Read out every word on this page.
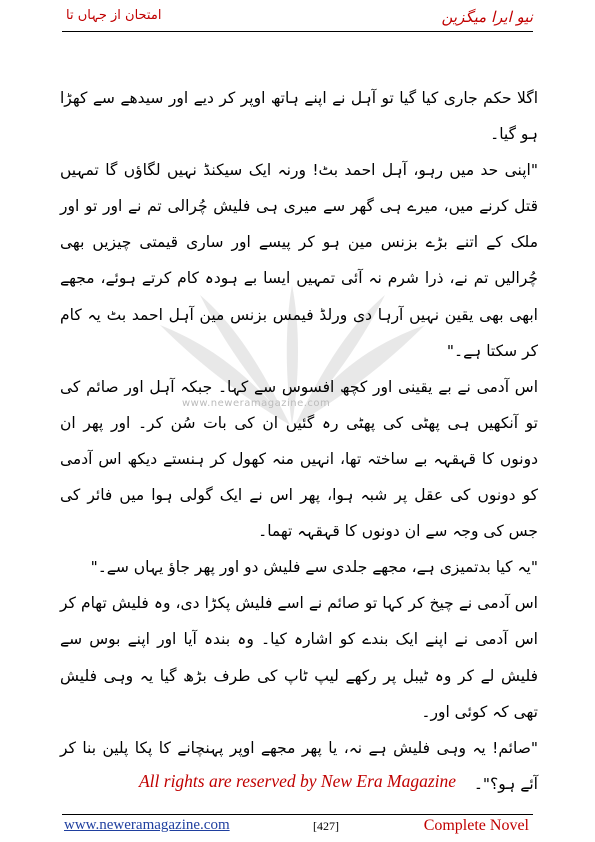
نیو ایرا میگزین
امتحان از جہاں تا
www.neweramagazine.com

اگلا حکم جاری کیا گیا تو آہل نے اپنے ہاتھ اوپر کر دیے اور سیدھے سے کھڑا ہو گیا۔

"اپنی حد میں رہو، آہل احمد بٹ! ورنہ ایک سیکنڈ نہیں لگاؤں گا تمہیں قتل کرنے میں، میرے ہی گھر سے میری ہی فلیش چُرالی تم نے اور تو اور ملک کے اتنے بڑے بزنس مین ہو کر پیسے اور ساری قیمتی چیزیں بھی چُرالیں تم نے، ذرا شرم نہ آئی تمہیں ایسا بے ہودہ کام کرتے ہوئے، مجھے ابھی بھی یقین نہیں آرہا دی ورلڈ فیمس بزنس مین آہل احمد بٹ یہ کام کر سکتا ہے۔"

اس آدمی نے بے یقینی اور کچھ افسوس سے کہا۔ جبکہ آہل اور صائم کی تو آنکھیں ہی پھٹی کی پھٹی رہ گئیں ان کی بات سُن کر۔ اور پھر ان دونوں کا قہقہہ بے ساختہ تھا، انہیں منہ کھول کر ہنستے دیکھ اس آدمی کو دونوں کی عقل پر شبہ ہوا، پھر اس نے ایک گولی ہوا میں فائر کی جس کی وجہ سے ان دونوں کا قہقہہ تھما۔

"یہ کیا بدتمیزی ہے، مجھے جلدی سے فلیش دو اور پھر جاؤ یہاں سے۔"

اس آدمی نے چیخ کر کہا تو صائم نے اسے فلیش پکڑا دی، وہ فلیش تھام کر اس آدمی نے اپنے ایک بندے کو اشارہ کیا۔ وہ بندہ آیا اور اپنے بوس سے فلیش لے کر وہ ٹیبل پر رکھے لیپ ٹاپ کی طرف بڑھ گیا یہ وہی فلیش تھی کہ کوئی اور۔

"صائم! یہ وہی فلیش ہے نہ، یا پھر مجھے اوپر پہنچانے کا پکا پلین بنا کر آئے ہو؟"۔

All rights are reserved by New Era Magazine
www.neweramagazine.com	[427]	Complete Novel
